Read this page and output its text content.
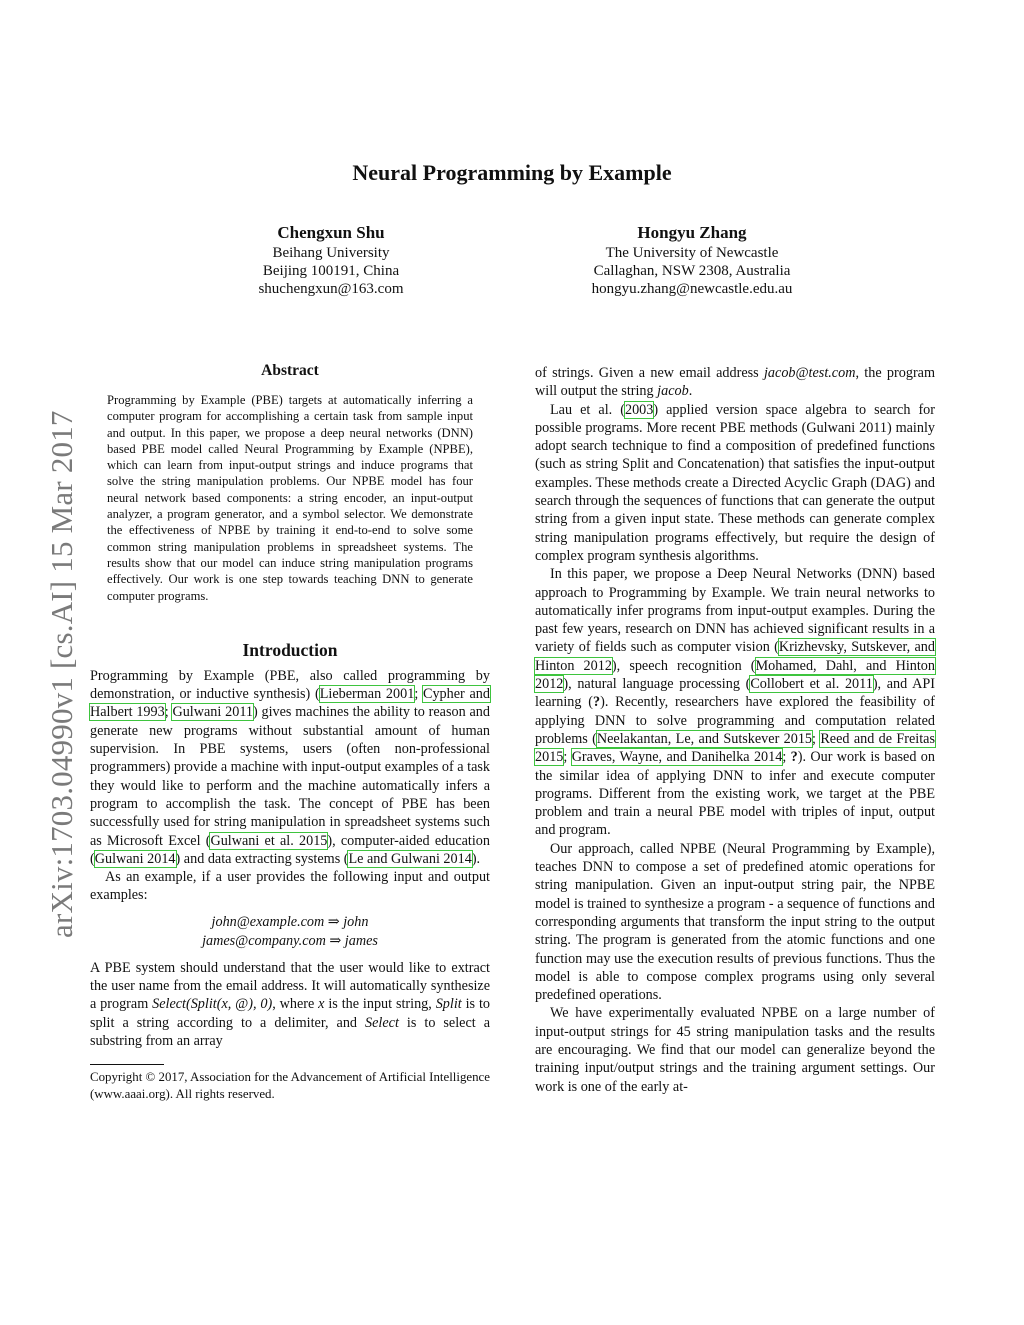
Neural Programming by Example
Chengxun Shu
Beihang University
Beijing 100191, China
shuchengxun@163.com
Hongyu Zhang
The University of Newcastle
Callaghan, NSW 2308, Australia
hongyu.zhang@newcastle.edu.au
arXiv:1703.04990v1 [cs.AI] 15 Mar 2017
Abstract
Programming by Example (PBE) targets at automatically inferring a computer program for accomplishing a certain task from sample input and output. In this paper, we propose a deep neural networks (DNN) based PBE model called Neural Programming by Example (NPBE), which can learn from input-output strings and induce programs that solve the string manipulation problems. Our NPBE model has four neural network based components: a string encoder, an input-output analyzer, a program generator, and a symbol selector. We demonstrate the effectiveness of NPBE by training it end-to-end to solve some common string manipulation problems in spreadsheet systems. The results show that our model can induce string manipulation programs effectively. Our work is one step towards teaching DNN to generate computer programs.
Introduction

Programming by Example (PBE, also called programming by demonstration, or inductive synthesis) (Lieberman 2001; Cypher and Halbert 1993; Gulwani 2011) gives machines the ability to reason and generate new programs without substantial amount of human supervision. In PBE systems, users (often non-professional programmers) provide a machine with input-output examples of a task they would like to perform and the machine automatically infers a program to accomplish the task. The concept of PBE has been successfully used for string manipulation in spreadsheet systems such as Microsoft Excel (Gulwani et al. 2015), computer-aided education (Gulwani 2014) and data extracting systems (Le and Gulwani 2014).

As an example, if a user provides the following input and output examples:

john@example.com ⇒ john
james@company.com ⇒ james

A PBE system should understand that the user would like to extract the user name from the email address. It will automatically synthesize a program Select(Split(x, @), 0), where x is the input string, Split is to split a string according to a delimiter, and Select is to select a substring from an array

Copyright © 2017, Association for the Advancement of Artificial Intelligence (www.aaai.org). All rights reserved.

of strings. Given a new email address jacob@test.com, the program will output the string jacob.

Lau et al. (2003) applied version space algebra to search for possible programs. More recent PBE methods (Gulwani 2011) mainly adopt search technique to find a composition of predefined functions (such as string Split and Concatenation) that satisfies the input-output examples. These methods create a Directed Acyclic Graph (DAG) and search through the sequences of functions that can generate the output string from a given input state. These methods can generate complex string manipulation programs effectively, but require the design of complex program synthesis algorithms.

In this paper, we propose a Deep Neural Networks (DNN) based approach to Programming by Example. We train neural networks to automatically infer programs from input-output examples. During the past few years, research on DNN has achieved significant results in a variety of fields such as computer vision (Krizhevsky, Sutskever, and Hinton 2012), speech recognition (Mohamed, Dahl, and Hinton 2012), natural language processing (Collobert et al. 2011), and API learning (?). Recently, researchers have explored the feasibility of applying DNN to solve programming and computation related problems (Neelakantan, Le, and Sutskever 2015; Reed and de Freitas 2015; Graves, Wayne, and Danihelka 2014; ?). Our work is based on the similar idea of applying DNN to infer and execute computer programs. Different from the existing work, we target at the PBE problem and train a neural PBE model with triples of input, output and program.

Our approach, called NPBE (Neural Programming by Example), teaches DNN to compose a set of predefined atomic operations for string manipulation. Given an input-output string pair, the NPBE model is trained to synthesize a program - a sequence of functions and corresponding arguments that transform the input string to the output string. The program is generated from the atomic functions and one function may use the execution results of previous functions. Thus the model is able to compose complex programs using only several predefined operations.

We have experimentally evaluated NPBE on a large number of input-output strings for 45 string manipulation tasks and the results are encouraging. We find that our model can generalize beyond the training input/output strings and the training argument settings. Our work is one of the early at-
